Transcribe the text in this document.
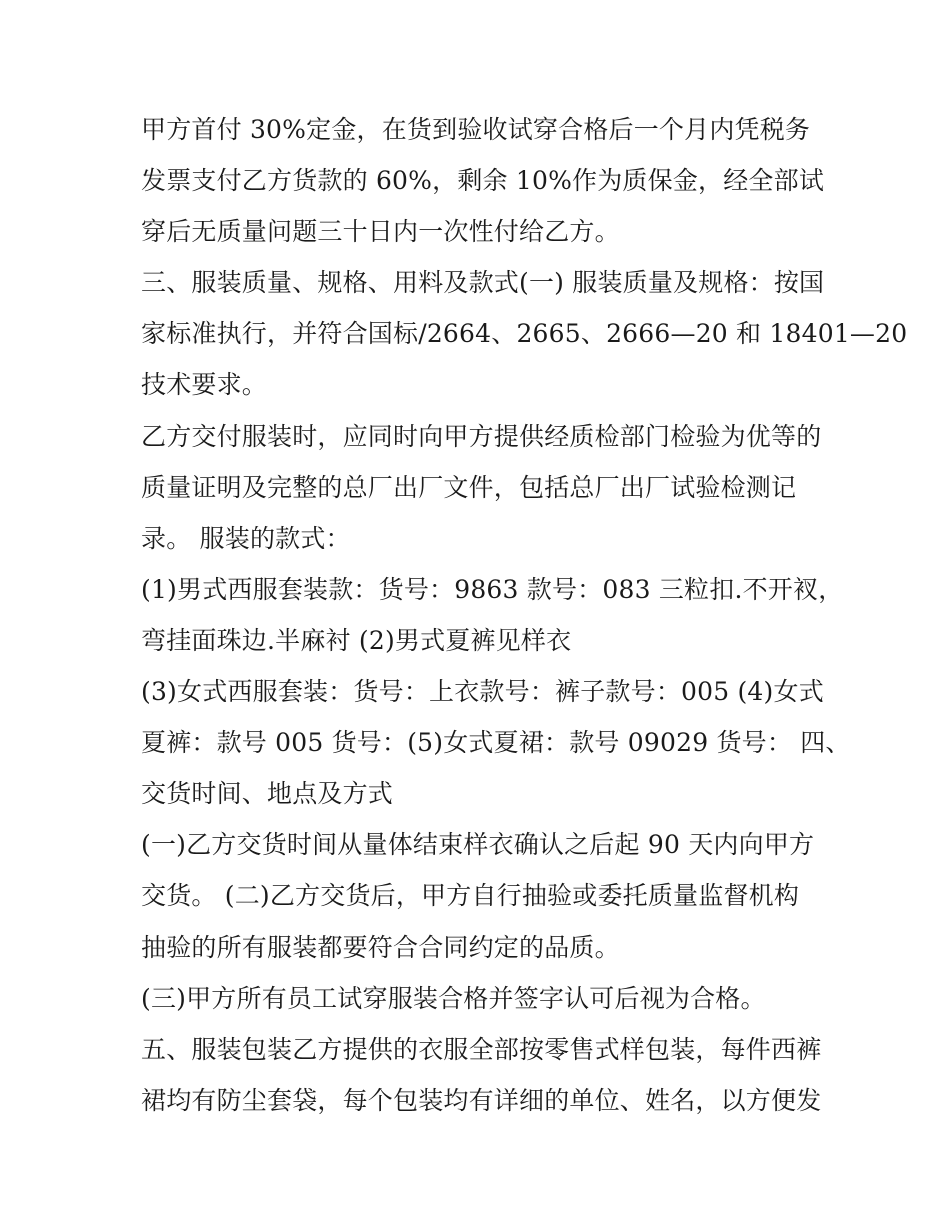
甲方首付 30%定金，在货到验收试穿合格后一个月内凭税务
发票支付乙方货款的 60%，剩余 10%作为质保金，经全部试
穿后无质量问题三十日内一次性付给乙方。
三、服装质量、规格、用料及款式(一) 服装质量及规格：按国
家标准执行，并符合国标/2664、2665、2666—20 和 18401—20
技术要求。
乙方交付服装时，应同时向甲方提供经质检部门检验为优等的
质量证明及完整的总厂出厂文件，包括总厂出厂试验检测记
录。 服装的款式：
(1)男式西服套装款：货号：9863 款号：083 三粒扣.不开衩，
弯挂面珠边.半麻衬 (2)男式夏裤见样衣
(3)女式西服套装：货号：上衣款号：裤子款号：005 (4)女式
夏裤：款号 005 货号：(5)女式夏裙：款号 09029 货号： 四、
交货时间、地点及方式
(一)乙方交货时间从量体结束样衣确认之后起 90 天内向甲方
交货。 (二)乙方交货后，甲方自行抽验或委托质量监督机构
抽验的所有服装都要符合合同约定的品质。
(三)甲方所有员工试穿服装合格并签字认可后视为合格。
五、服装包装乙方提供的衣服全部按零售式样包装，每件西裤
裙均有防尘套袋，每个包装均有详细的单位、姓名，以方便发
